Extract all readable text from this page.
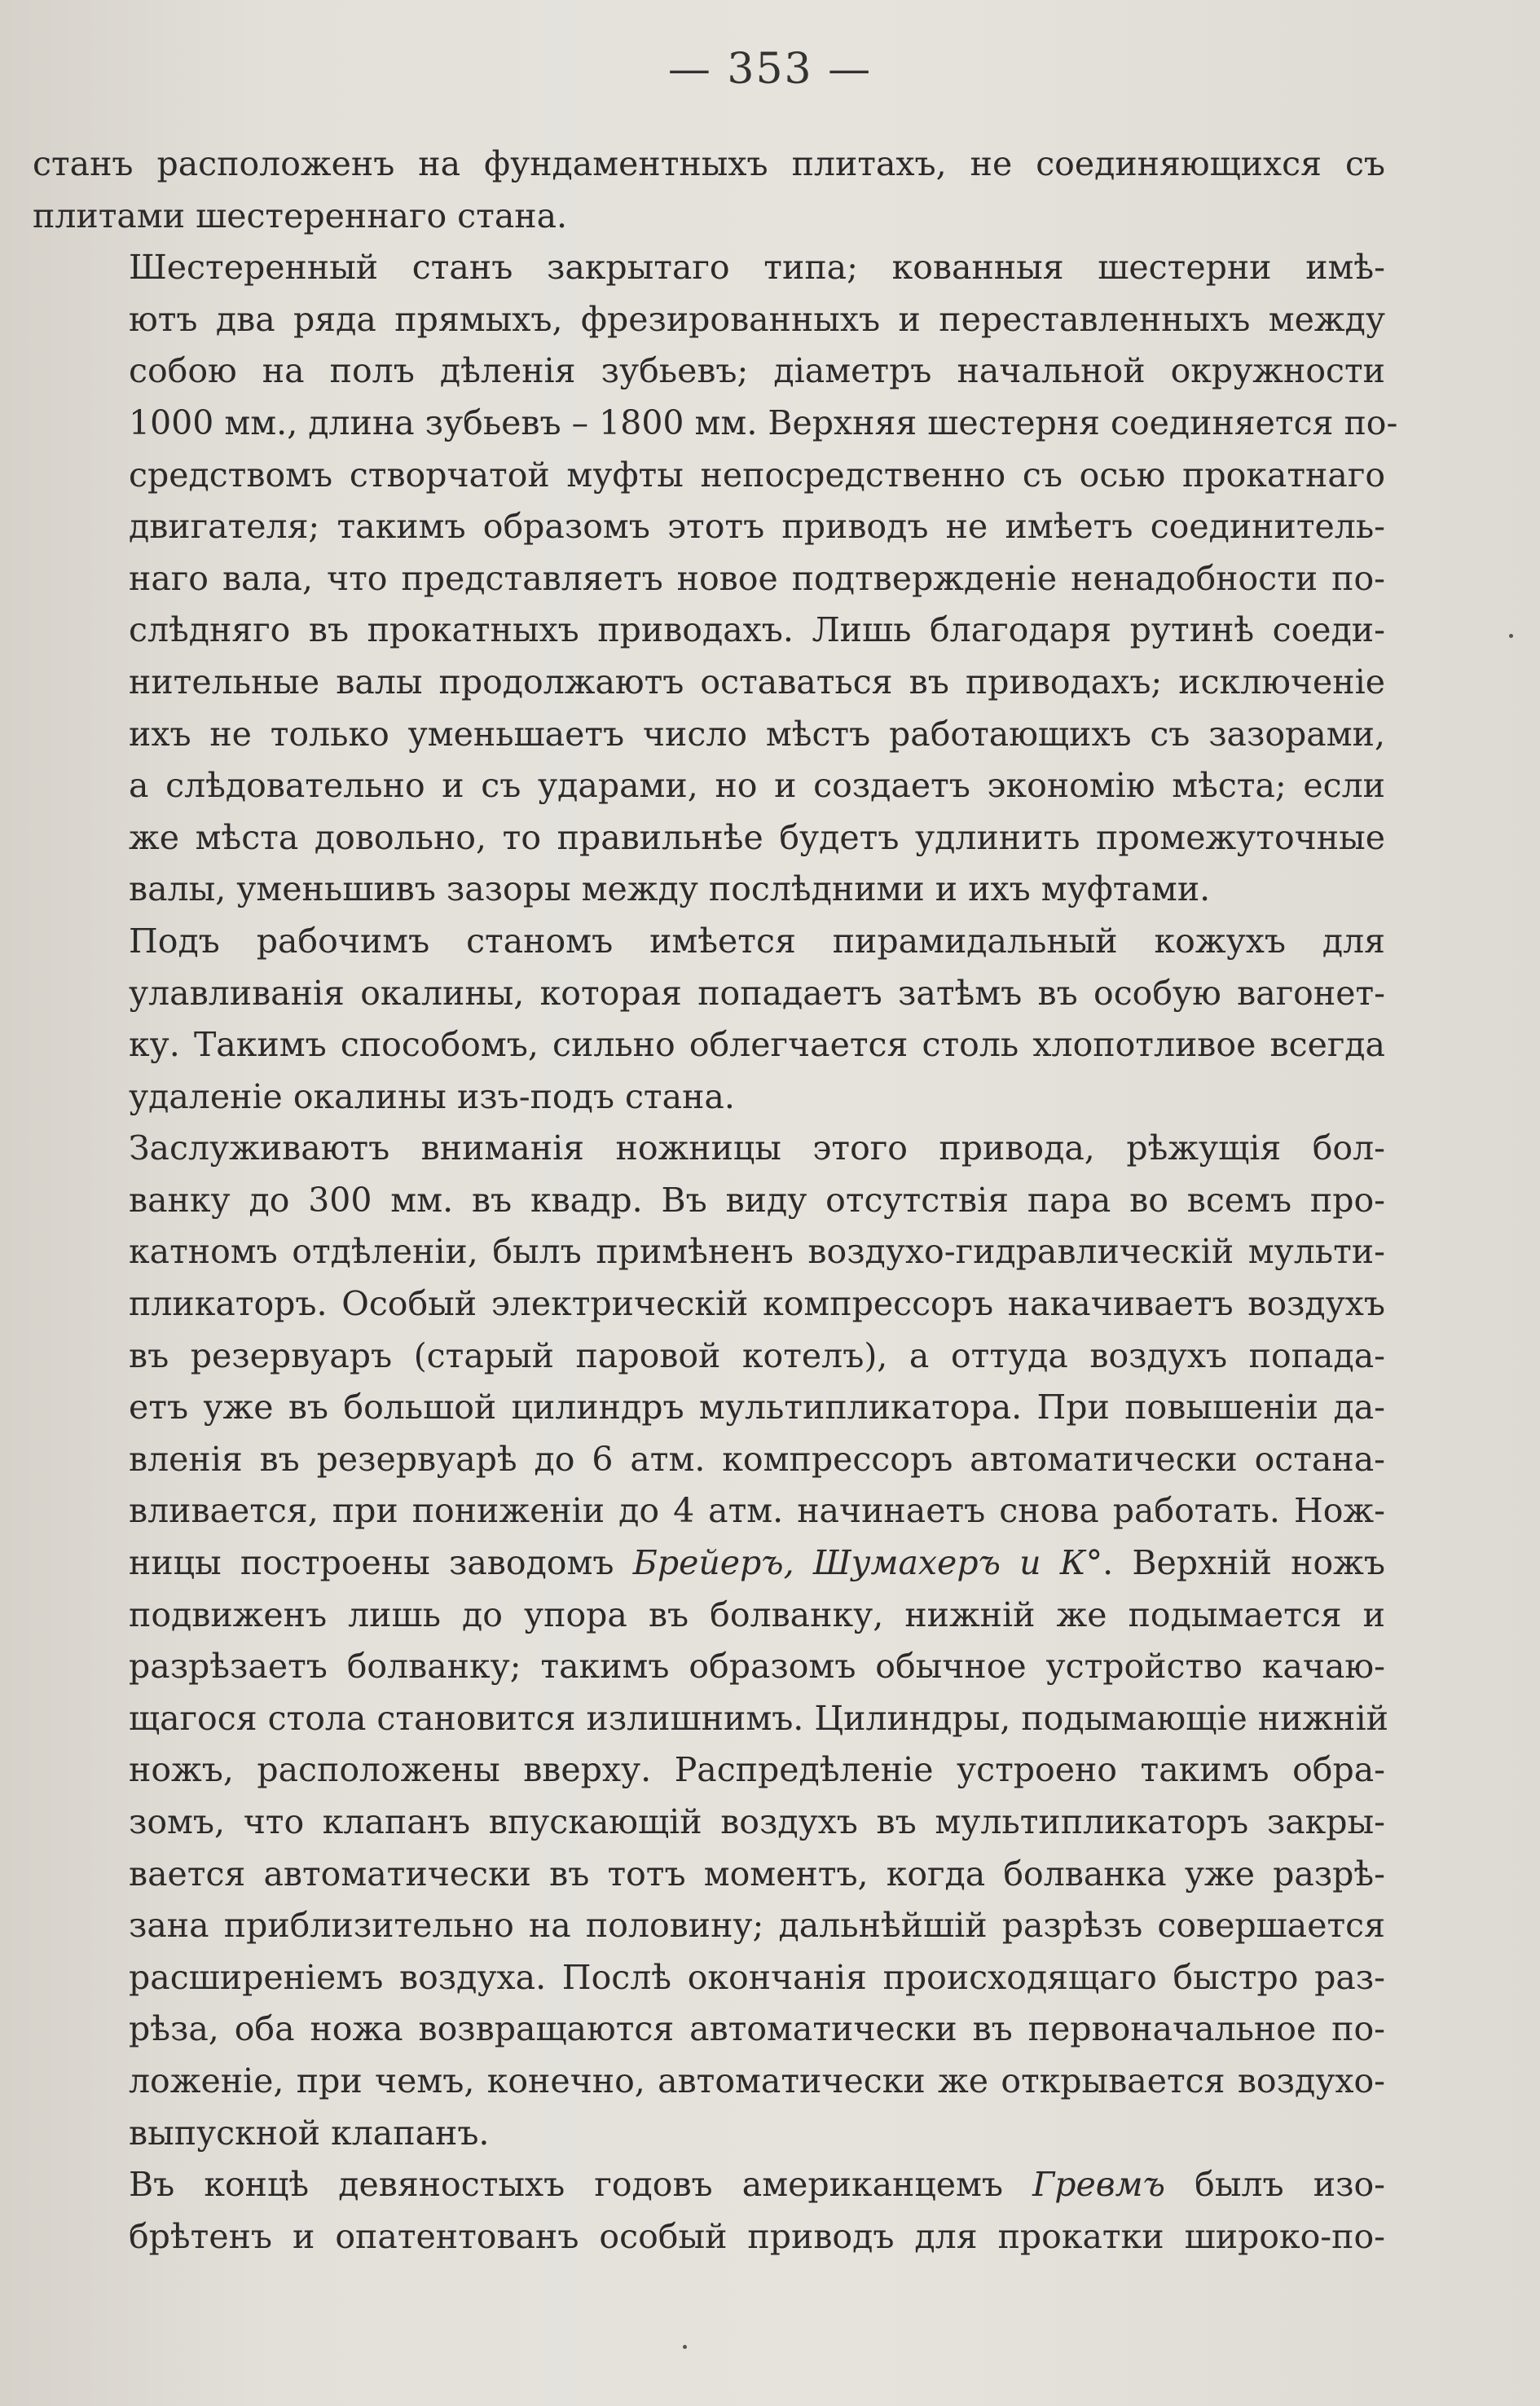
— 353 —

станъ расположенъ на фундаментныхъ плитахъ, не соединяющихся съ
плитами шестереннаго стана.

Шестеренный станъ закрытаго типа; кованныя шестерни имѣ-
ютъ два ряда прямыхъ, фрезированныхъ и переставленныхъ между
собою на полъ дѣленія зубьевъ; діаметръ начальной окружности
1000 мм., длина зубьевъ – 1800 мм. Верхняя шестерня соединяется по-
средствомъ створчатой муфты непосредственно съ осью прокатнаго
двигателя; такимъ образомъ этотъ приводъ не имѣетъ соединитель-
наго вала, что представляетъ новое подтвержденіе ненадобности по-
слѣдняго въ прокатныхъ приводахъ. Лишь благодаря рутинѣ соеди-
нительные валы продолжаютъ оставаться въ приводахъ; исключеніе
ихъ не только уменьшаетъ число мѣстъ работающихъ съ зазорами,
а слѣдовательно и съ ударами, но и создаетъ экономію мѣста; если
же мѣста довольно, то правильнѣе будетъ удлинить промежуточные
валы, уменьшивъ зазоры между послѣдними и ихъ муфтами.

Подъ рабочимъ станомъ имѣется пирамидальный кожухъ для
улавливанія окалины, которая попадаетъ затѣмъ въ особую вагонет-
ку. Такимъ способомъ, сильно облегчается столь хлопотливое всегда
удаленіе окалины изъ-подъ стана.

Заслуживаютъ вниманія ножницы этого привода, рѣжущія бол-
ванку до 300 мм. въ квадр. Въ виду отсутствія пара во всемъ про-
катномъ отдѣленіи, былъ примѣненъ воздухо-гидравлическій мульти-
пликаторъ. Особый электрическій компрессоръ накачиваетъ воздухъ
въ резервуаръ (старый паровой котелъ), а оттуда воздухъ попада-
етъ уже въ большой цилиндръ мультипликатора. При повышеніи да-
вленія въ резервуарѣ до 6 атм. компрессоръ автоматически остана-
вливается, при пониженіи до 4 атм. начинаетъ снова работать. Нож-
ницы построены заводомъ Брейеръ, Шумахеръ и К°. Верхній ножъ
подвиженъ лишь до упора въ болванку, нижній же подымается и
разрѣзаетъ болванку; такимъ образомъ обычное устройство качаю-
щагося стола становится излишнимъ. Цилиндры, подымающіе нижній
ножъ, расположены вверху. Распредѣленіе устроено такимъ обра-
зомъ, что клапанъ впускающій воздухъ въ мультипликаторъ закры-
вается автоматически въ тотъ моментъ, когда болванка уже разрѣ-
зана приблизительно на половину; дальнѣйшій разрѣзъ совершается
расширеніемъ воздуха. Послѣ окончанія происходящаго быстро раз-
рѣза, оба ножа возвращаются автоматически въ первоначальное по-
ложеніе, при чемъ, конечно, автоматически же открывается воздухо-
выпускной клапанъ.

Въ концѣ девяностыхъ годовъ американцемъ Гревмъ былъ изо-
брѣтенъ и опатентованъ особый приводъ для прокатки широко-по-
